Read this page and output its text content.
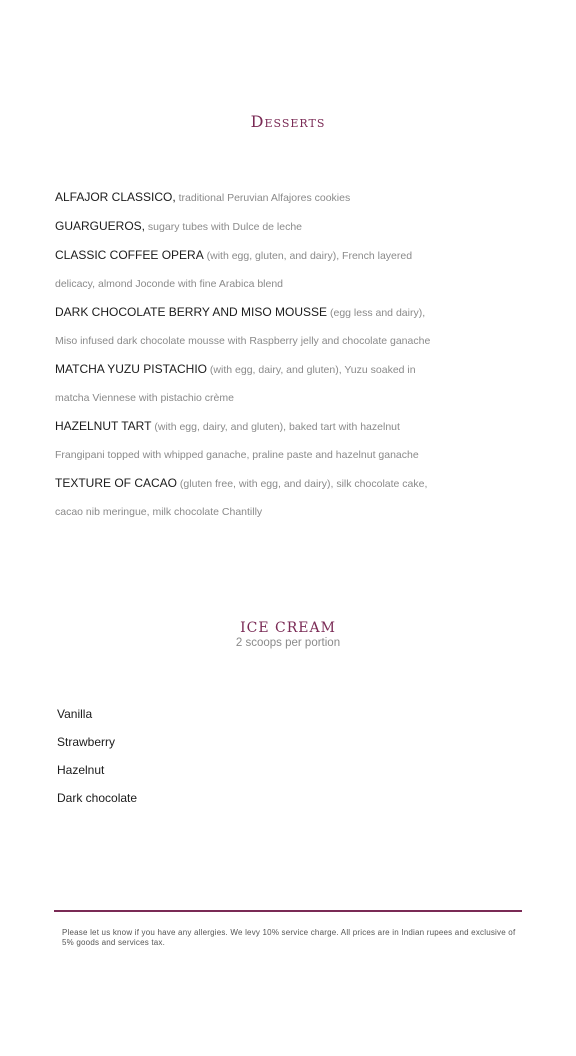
Desserts
ALFAJOR CLASSICO, traditional Peruvian Alfajores cookies
GUARGUEROS, sugary tubes with Dulce de leche
CLASSIC COFFEE OPERA (with egg, gluten, and dairy), French layered delicacy, almond Joconde with fine Arabica blend
DARK CHOCOLATE BERRY AND MISO MOUSSE (egg less and dairy), Miso infused dark chocolate mousse with Raspberry jelly and chocolate ganache
MATCHA YUZU PISTACHIO (with egg, dairy, and gluten), Yuzu soaked in matcha Viennese with pistachio crème
HAZELNUT TART (with egg, dairy, and gluten), baked tart with hazelnut Frangipani topped with whipped ganache, praline paste and hazelnut ganache
TEXTURE OF CACAO (gluten free, with egg, and dairy), silk chocolate cake, cacao nib meringue, milk chocolate Chantilly
ICE CREAM
2 scoops per portion
Vanilla
Strawberry
Hazelnut
Dark chocolate
Please let us know if you have any allergies. We levy 10% service charge. All prices are in Indian rupees and exclusive of 5% goods and services tax.
